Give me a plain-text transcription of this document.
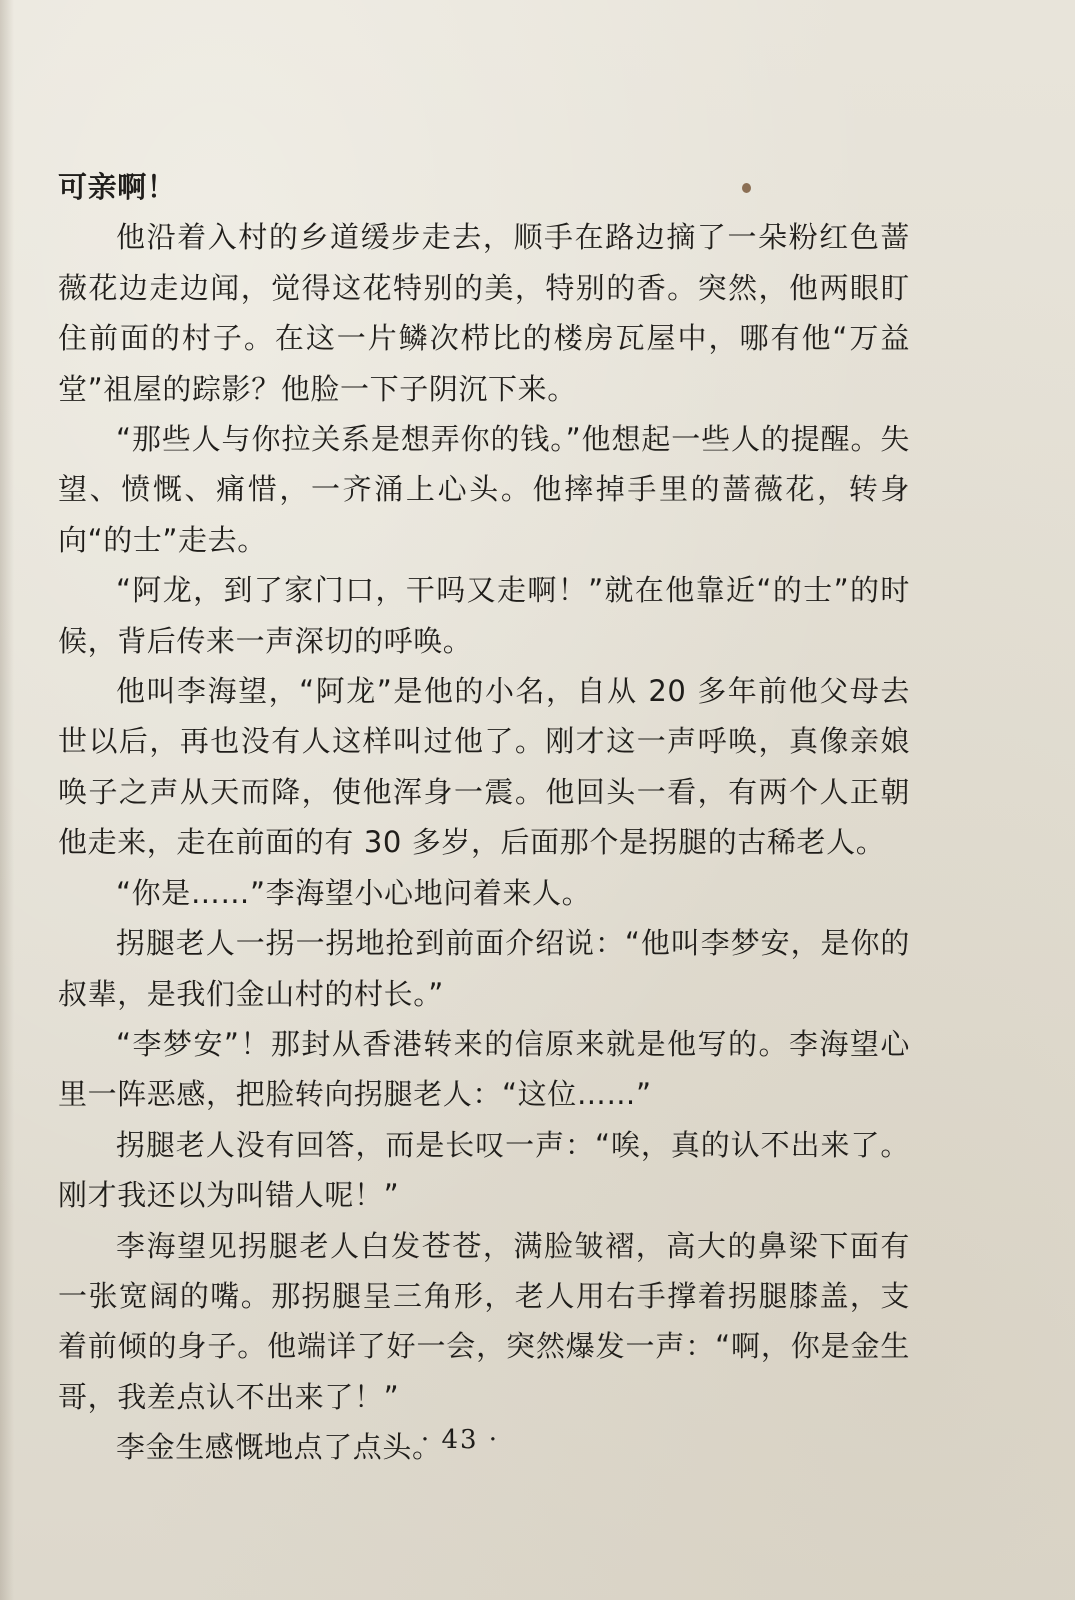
可亲啊！

他沿着入村的乡道缓步走去，顺手在路边摘了一朵粉红色蔷薇花边走边闻，觉得这花特别的美，特别的香。突然，他两眼盯住前面的村子。在这一片鳞次栉比的楼房瓦屋中，哪有他“万益堂”祖屋的踪影？他脸一下子阴沉下来。

“那些人与你拉关系是想弄你的钱。”他想起一些人的提醒。失望、愤慨、痛惜，一齐涌上心头。他摔掉手里的蔷薇花，转身向“的士”走去。

“阿龙，到了家门口，干吗又走啊！”就在他靠近“的士”的时候，背后传来一声深切的呼唤。

他叫李海望，“阿龙”是他的小名，自从 20 多年前他父母去世以后，再也没有人这样叫过他了。刚才这一声呼唤，真像亲娘唤子之声从天而降，使他浑身一震。他回头一看，有两个人正朝他走来，走在前面的有 30 多岁，后面那个是拐腿的古稀老人。

“你是……”李海望小心地问着来人。

拐腿老人一拐一拐地抢到前面介绍说：“他叫李梦安，是你的叔辈，是我们金山村的村长。”

“李梦安”！那封从香港转来的信原来就是他写的。李海望心里一阵恶感，把脸转向拐腿老人：“这位……”

拐腿老人没有回答，而是长叹一声：“唉，真的认不出来了。刚才我还以为叫错人呢！”

李海望见拐腿老人白发苍苍，满脸皱褶，高大的鼻梁下面有一张宽阔的嘴。那拐腿呈三角形，老人用右手撑着拐腿膝盖，支着前倾的身子。他端详了好一会，突然爆发一声：“啊，你是金生哥，我差点认不出来了！”

李金生感慨地点了点头。

· 43 ·
